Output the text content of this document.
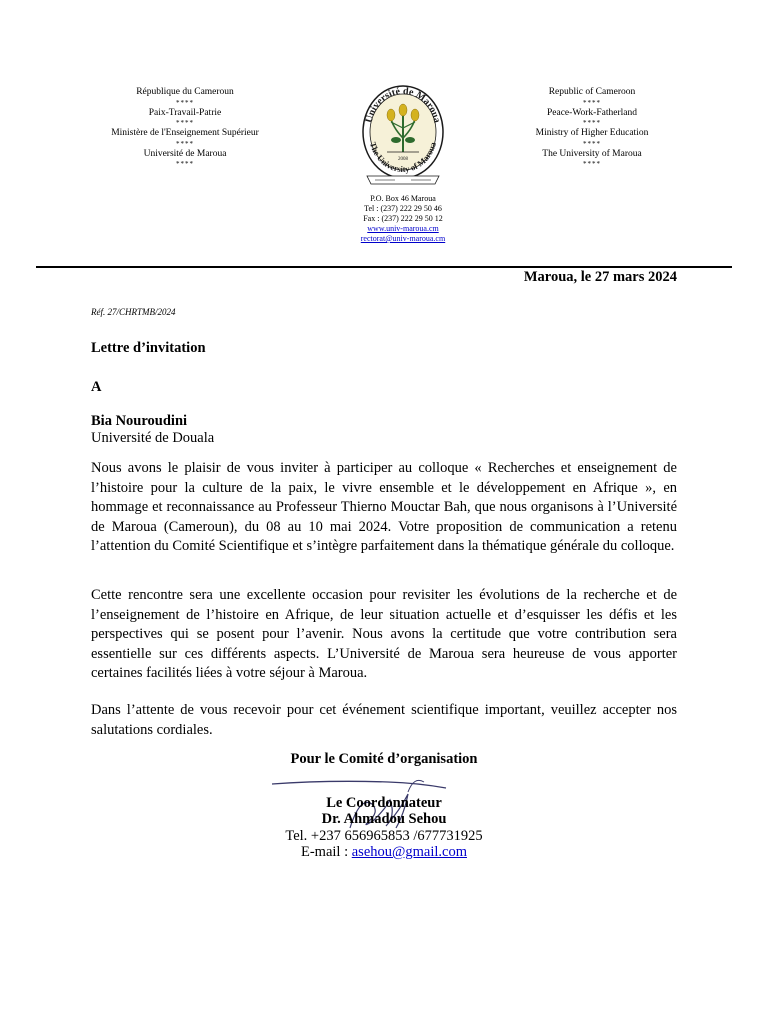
République du Cameroun
****
Paix-Travail-Patrie
****
Ministère de l'Enseignement Supérieur
****
Université de Maroua
****
Université de Maroua
The University of Maroua
2008
Republic of Cameroon
****
Peace-Work-Fatherland
****
Ministry of Higher Education
****
The University of Maroua
****
P.O. Box 46 Maroua
Tel : (237) 222 29 50 46
Fax : (237) 222 29 50 12
www.univ-maroua.cm
rectorat@univ-maroua.cm
Maroua, le 27 mars 2024
Réf. 27/CHRTMB/2024
Lettre d’invitation
A
Bia Nouroudini
Université de Douala

Nous avons le plaisir de vous inviter à participer au colloque « Recherches et enseignement de l’histoire pour la culture de la paix, le vivre ensemble et le développement en Afrique », en hommage et reconnaissance au Professeur Thierno Mouctar Bah, que nous organisons à l’Université de Maroua (Cameroun), du 08 au 10 mai 2024. Votre proposition de communication a retenu l’attention du Comité Scientifique et s’intègre parfaitement dans la thématique générale du colloque.

Cette rencontre sera une excellente occasion pour revisiter les évolutions de la recherche et de l’enseignement de l’histoire en Afrique, de leur situation actuelle et d’esquisser les défis et les perspectives qui se posent pour l’avenir. Nous avons la certitude que votre contribution sera essentielle sur ces différents aspects. L’Université de Maroua sera heureuse de vous apporter certaines facilités liées à votre séjour à Maroua.

Dans l’attente de vous recevoir pour cet événement scientifique important, veuillez accepter nos salutations cordiales.

Pour le Comité d’organisation
Le Coordonnateur
Dr. Ahmadou Sehou
Tel. +237 656965853 /677731925
E-mail : asehou@gmail.com
